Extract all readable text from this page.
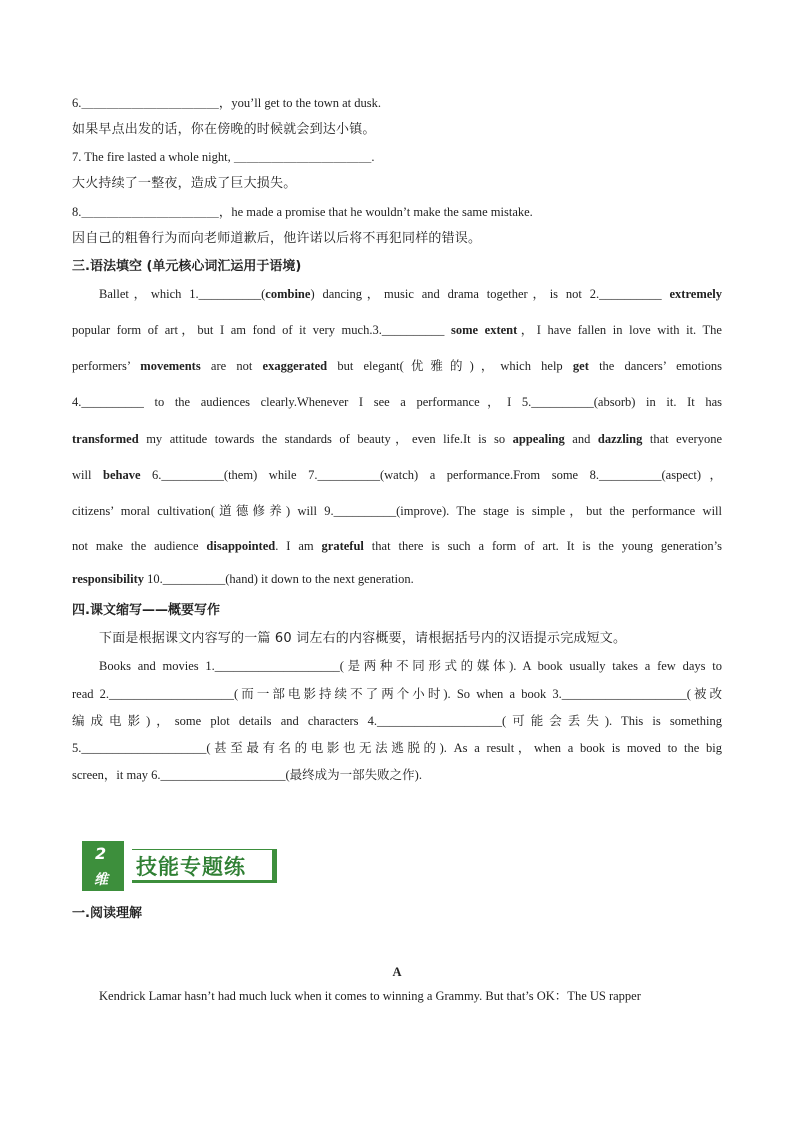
6.＿＿＿＿＿＿＿＿＿＿＿，you’ll get to the town at dusk.
如果早点出发的话，你在傍晚的时候就会到达小镇。
7. The fire lasted a whole night, ＿＿＿＿＿＿＿＿＿＿＿.
大火持续了一整夜，造成了巨大损失。
8.＿＿＿＿＿＿＿＿＿＿＿，he made a promise that he wouldn’t make the same mistake.
因自己的粗鲁行为而向老师道歉后，他许诺以后将不再犯同样的错误。
三.语法填空 (单元核心词汇运用于语境)
Ballet，which 1.__________(combine) dancing，music and drama together，is not 2.__________ extremely
popular form of art，but I am fond of it very much.3.__________ some extent，I have fallen in love with it. The
performers’ movements are not exaggerated but elegant(优雅的)，which help get the dancers’ emotions
4.__________ to the audiences clearly.Whenever I see a performance，I 5.__________(absorb) in it. It has
transformed my attitude towards the standards of beauty，even life.It is so appealing and dazzling that everyone
will behave 6.__________(them) while 7.__________(watch) a performance.From some 8.__________(aspect)，
citizens’ moral cultivation(道德修养) will 9.__________(improve). The stage is simple，but the performance will
not make the audience disappointed. I am grateful that there is such a form of art. It is the young generation’s
responsibility 10.__________(hand) it down to the next generation.
四.课文缩写——概要写作
下面是根据课文内容写的一篇 60 词左右的内容概要，请根据括号内的汉语提示完成短文。
Books and movies 1.____________________(是两种不同形式的媒体). A book usually takes a few days to
read 2.____________________(而一部电影持续不了两个小时). So when a book 3.____________________(被改
编成电影)，some plot details and characters 4.____________________(可能会丢失). This is something
5.____________________(甚至最有名的电影也无法逃脱的). As a result，when a book is moved to the big
screen，it may 6.____________________(最终成为一部失败之作).
2
维
技能专题练
一.阅读理解
A
Kendrick Lamar hasn’t had much luck when it comes to winning a Grammy. But that’s OK：The US rapper
